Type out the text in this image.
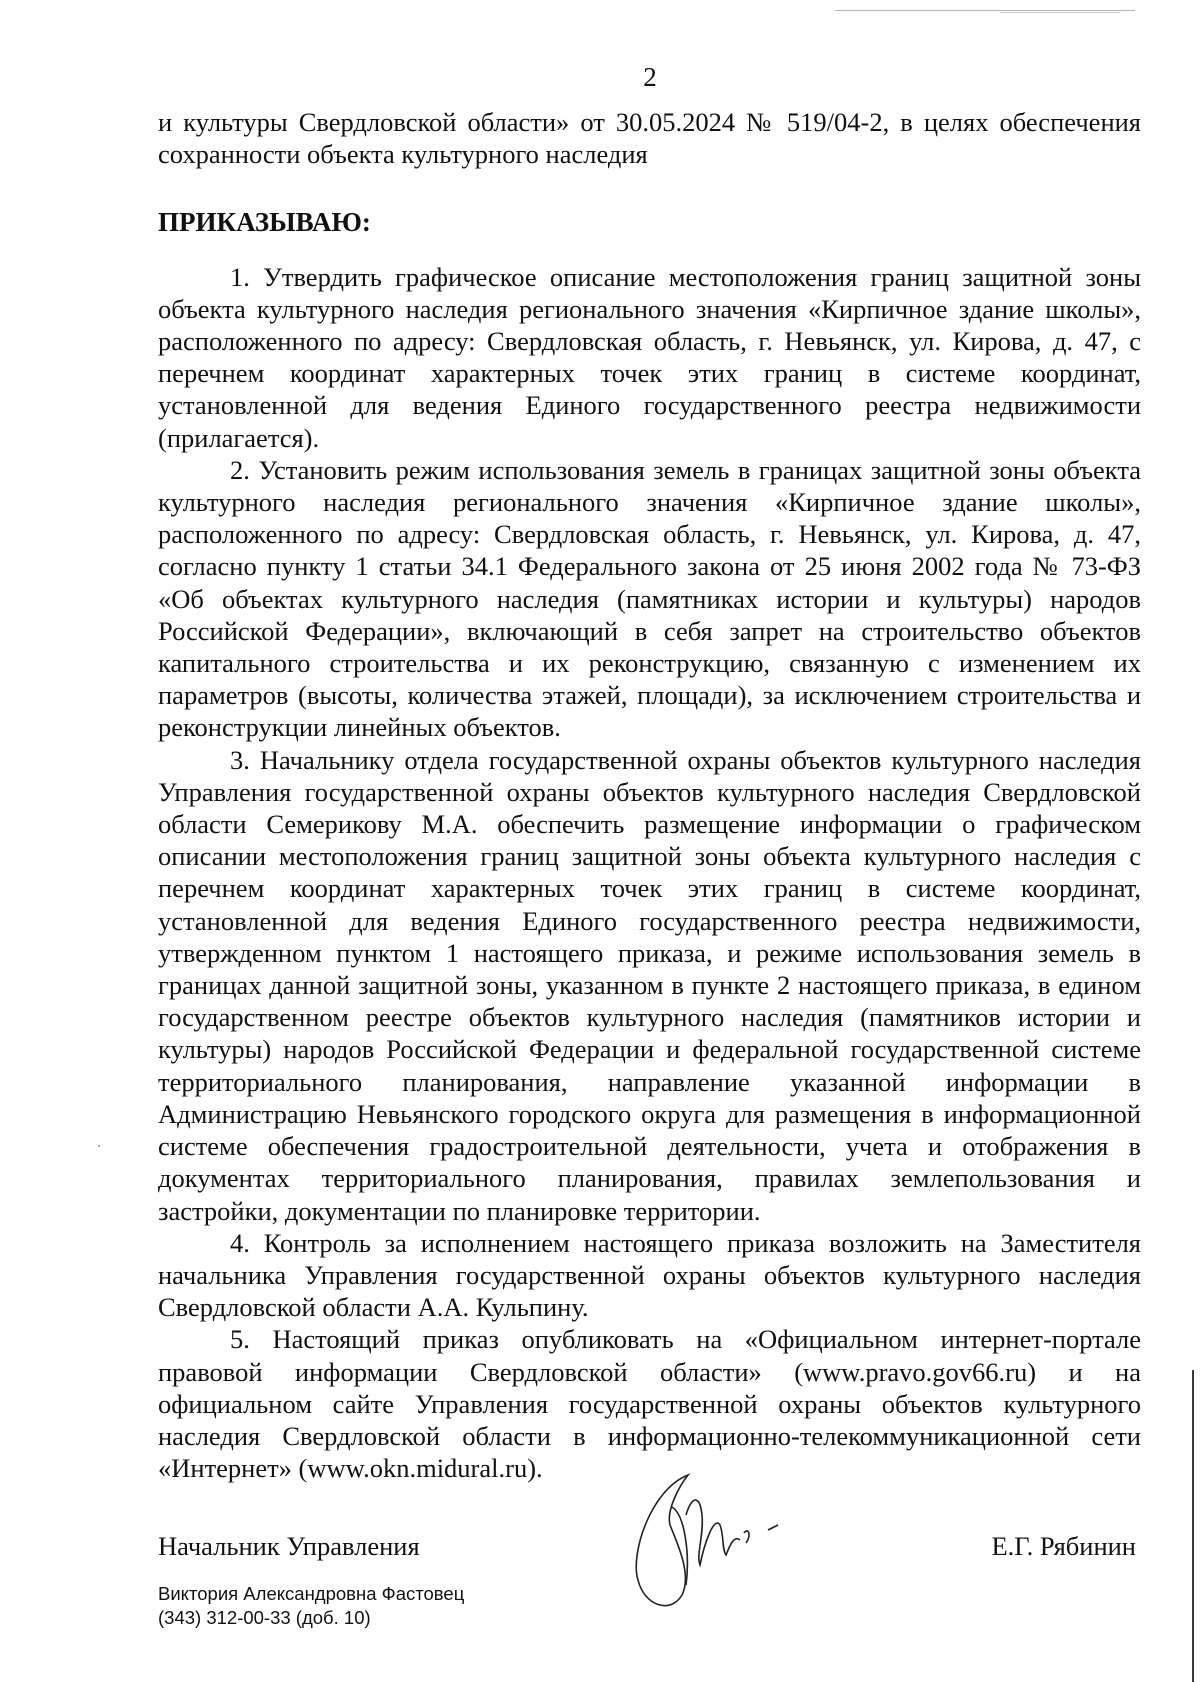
2

и культуры Свердловской области» от 30.05.2024 № 519/04-2, в целях обеспечения сохранности объекта культурного наследия

ПРИКАЗЫВАЮ:

1. Утвердить графическое описание местоположения границ защитной зоны объекта культурного наследия регионального значения «Кирпичное здание школы», расположенного по адресу: Свердловская область, г. Невьянск, ул. Кирова, д. 47, с перечнем координат характерных точек этих границ в системе координат, установленной для ведения Единого государственного реестра недвижимости (прилагается).

2. Установить режим использования земель в границах защитной зоны объекта культурного наследия регионального значения «Кирпичное здание школы», расположенного по адресу: Свердловская область, г. Невьянск, ул. Кирова, д. 47, согласно пункту 1 статьи 34.1 Федерального закона от 25 июня 2002 года № 73-ФЗ «Об объектах культурного наследия (памятниках истории и культуры) народов Российской Федерации», включающий в себя запрет на строительство объектов капитального строительства и их реконструкцию, связанную с изменением их параметров (высоты, количества этажей, площади), за исключением строительства и реконструкции линейных объектов.

3. Начальнику отдела государственной охраны объектов культурного наследия Управления государственной охраны объектов культурного наследия Свердловской области Семерикову М.А. обеспечить размещение информации о графическом описании местоположения границ защитной зоны объекта культурного наследия с перечнем координат характерных точек этих границ в системе координат, установленной для ведения Единого государственного реестра недвижимости, утвержденном пунктом 1 настоящего приказа, и режиме использования земель в границах данной защитной зоны, указанном в пункте 2 настоящего приказа, в едином государственном реестре объектов культурного наследия (памятников истории и культуры) народов Российской Федерации и федеральной государственной системе территориального планирования, направление указанной информации в Администрацию Невьянского городского округа для размещения в информационной системе обеспечения градостроительной деятельности, учета и отображения в документах территориального планирования, правилах землепользования и застройки, документации по планировке территории.

4. Контроль за исполнением настоящего приказа возложить на Заместителя начальника Управления государственной охраны объектов культурного наследия Свердловской области А.А. Кульпину.

5. Настоящий приказ опубликовать на «Официальном интернет-портале правовой информации Свердловской области» (www.pravo.gov66.ru) и на официальном сайте Управления государственной охраны объектов культурного наследия Свердловской области в информационно-телекоммуникационной сети «Интернет» (www.okn.midural.ru).

Начальник Управления	Е.Г. Рябинин
Виктория Александровна Фастовец
(343) 312-00-33 (доб. 10)
